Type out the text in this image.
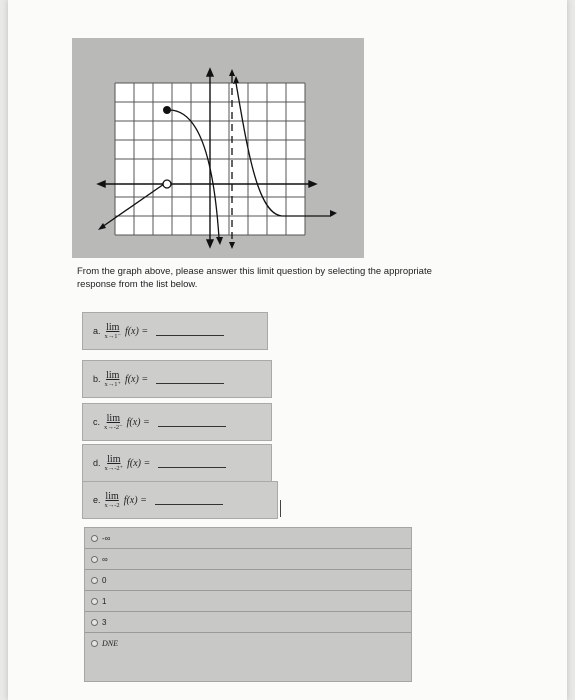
From the graph above, please answer this limit question by selecting the appropriate
response from the list below.
a. lim
x→1⁻ f(x) =
b. lim
x→1⁺ f(x) =
c. lim
x→-2⁻ f(x) =
d. lim
x→-2⁺ f(x) =
e. lim
x→-2 f(x) =
-∞
∞
0
1
3
DNE
